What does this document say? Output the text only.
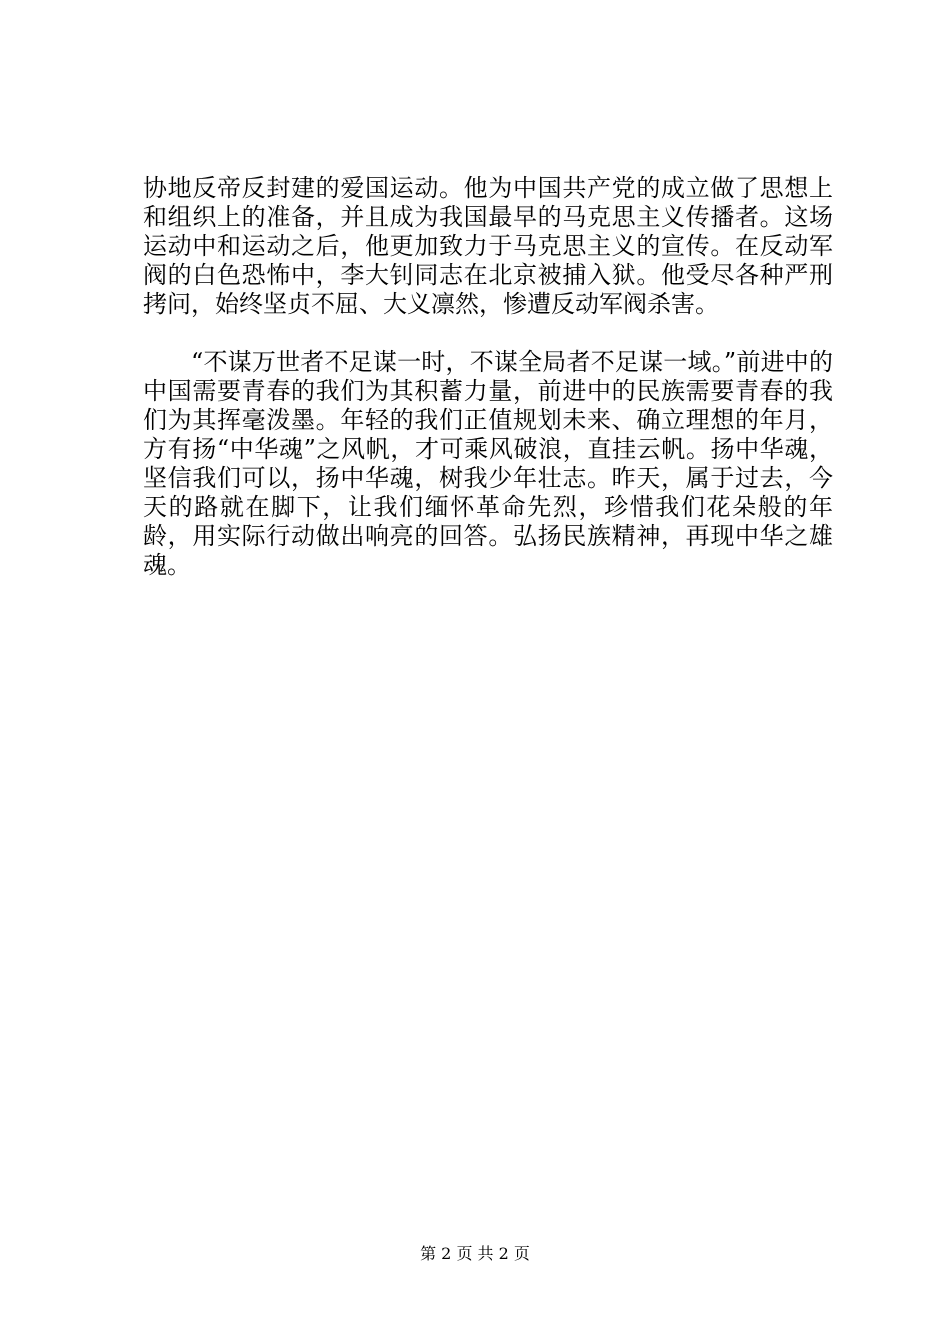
协地反帝反封建的爱国运动。他为中国共产党的成立做了思想上和组织上的准备，并且成为我国最早的马克思主义传播者。这场运动中和运动之后，他更加致力于马克思主义的宣传。在反动军阀的白色恐怖中，李大钊同志在北京被捕入狱。他受尽各种严刑拷问，始终坚贞不屈、大义凛然，惨遭反动军阀杀害。

“不谋万世者不足谋一时，不谋全局者不足谋一域。”前进中的中国需要青春的我们为其积蓄力量，前进中的民族需要青春的我们为其挥毫泼墨。年轻的我们正值规划未来、确立理想的年月，方有扬“中华魂”之风帆，才可乘风破浪，直挂云帆。扬中华魂，坚信我们可以，扬中华魂，树我少年壮志。昨天，属于过去，今天的路就在脚下，让我们缅怀革命先烈，珍惜我们花朵般的年龄，用实际行动做出响亮的回答。弘扬民族精神，再现中华之雄魂。

第 2 页 共 2 页
